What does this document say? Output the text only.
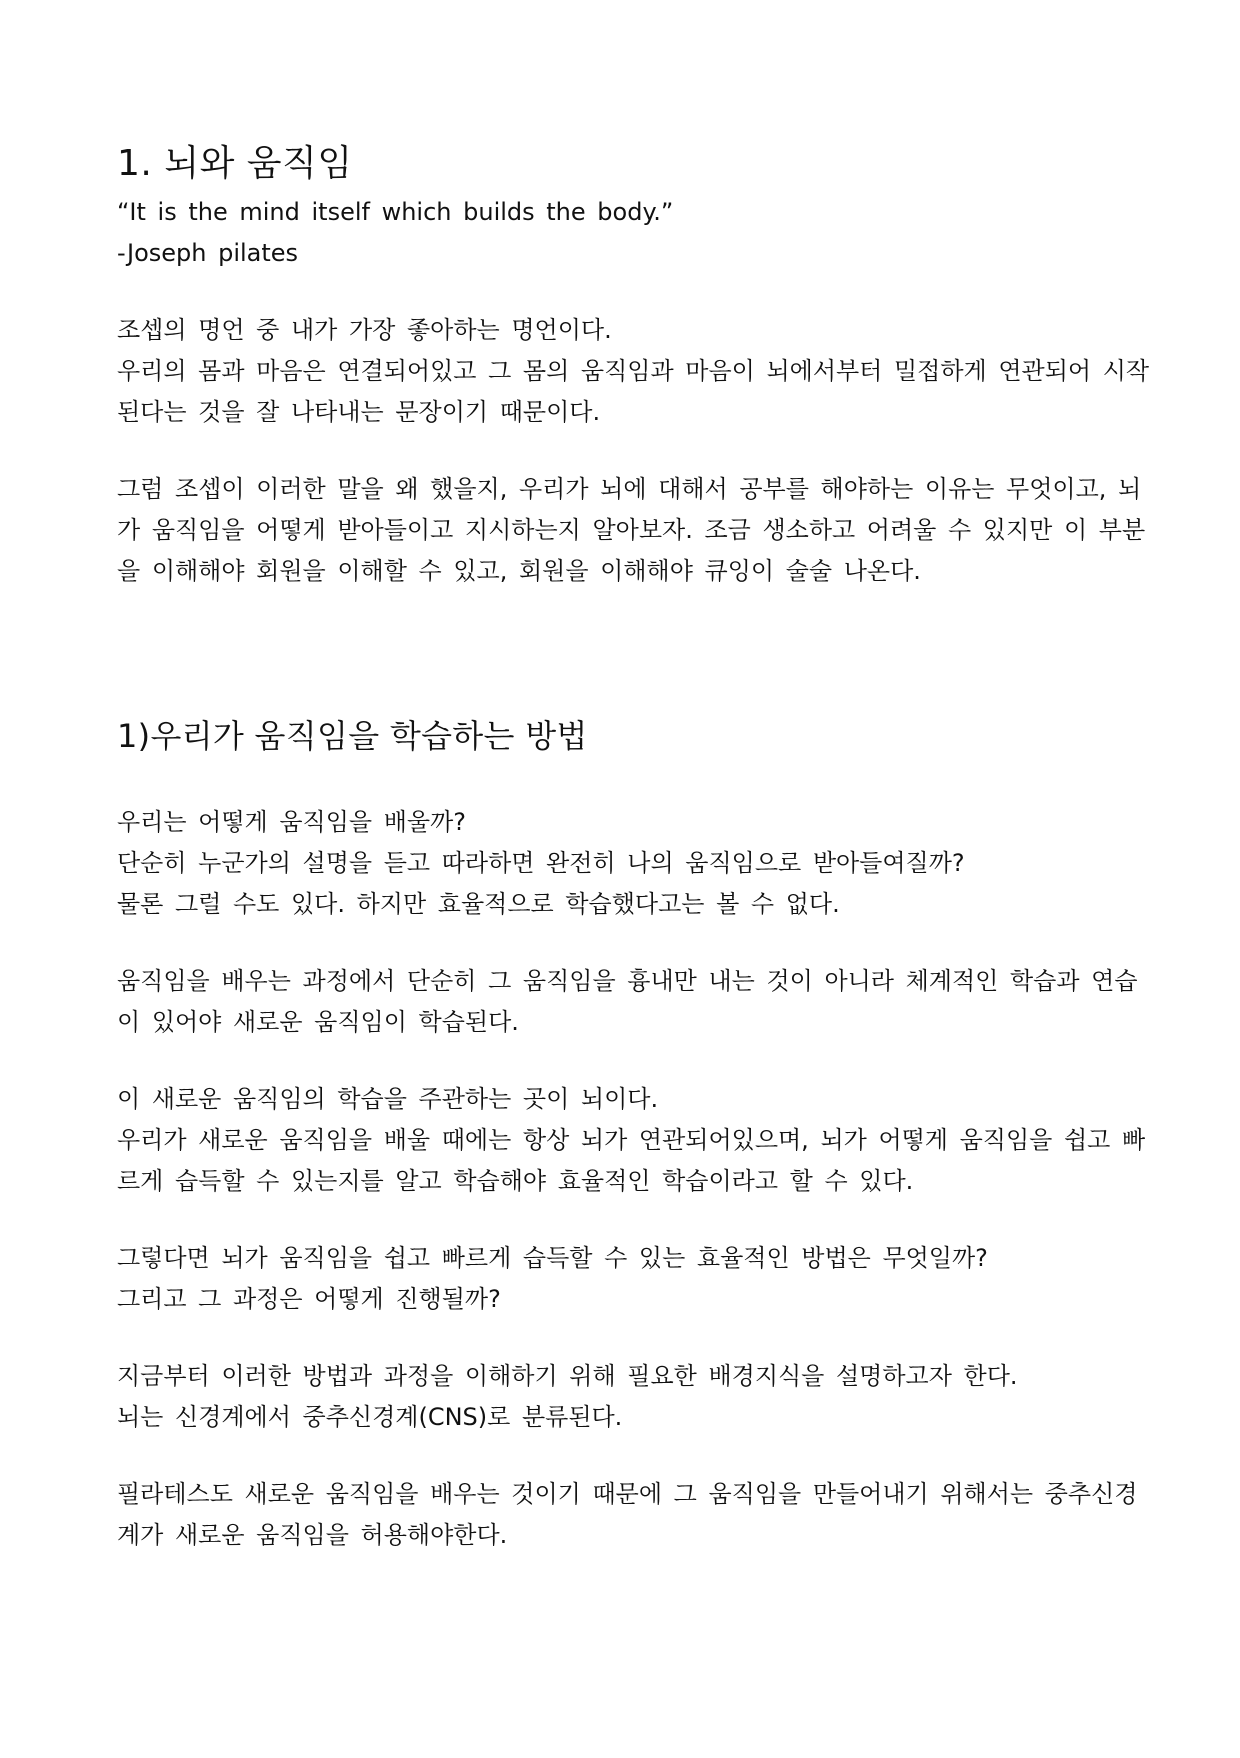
1. 뇌와 움직임
“It is the mind itself which builds the body.”
-Joseph pilates
조셉의 명언 중 내가 가장 좋아하는 명언이다.
우리의 몸과 마음은 연결되어있고 그 몸의 움직임과 마음이 뇌에서부터 밀접하게 연관되어 시작
된다는 것을 잘 나타내는 문장이기 때문이다.
그럼 조셉이 이러한 말을 왜 했을지, 우리가 뇌에 대해서 공부를 해야하는 이유는 무엇이고, 뇌
가 움직임을 어떻게 받아들이고 지시하는지 알아보자. 조금 생소하고 어려울 수 있지만 이 부분
을 이해해야 회원을 이해할 수 있고, 회원을 이해해야 큐잉이 술술 나온다.
1)우리가 움직임을 학습하는 방법
우리는 어떻게 움직임을 배울까?
단순히 누군가의 설명을 듣고 따라하면 완전히 나의 움직임으로 받아들여질까?
물론 그럴 수도 있다. 하지만 효율적으로 학습했다고는 볼 수 없다.
움직임을 배우는 과정에서 단순히 그 움직임을 흉내만 내는 것이 아니라 체계적인 학습과 연습
이 있어야 새로운 움직임이 학습된다.
이 새로운 움직임의 학습을 주관하는 곳이 뇌이다.
우리가 새로운 움직임을 배울 때에는 항상 뇌가 연관되어있으며, 뇌가 어떻게 움직임을 쉽고 빠
르게 습득할 수 있는지를 알고 학습해야 효율적인 학습이라고 할 수 있다.
그렇다면 뇌가 움직임을 쉽고 빠르게 습득할 수 있는 효율적인 방법은 무엇일까?
그리고 그 과정은 어떻게 진행될까?
지금부터 이러한 방법과 과정을 이해하기 위해 필요한 배경지식을 설명하고자 한다.
뇌는 신경계에서 중추신경계(CNS)로 분류된다.
필라테스도 새로운 움직임을 배우는 것이기 때문에 그 움직임을 만들어내기 위해서는 중추신경
계가 새로운 움직임을 허용해야한다.
